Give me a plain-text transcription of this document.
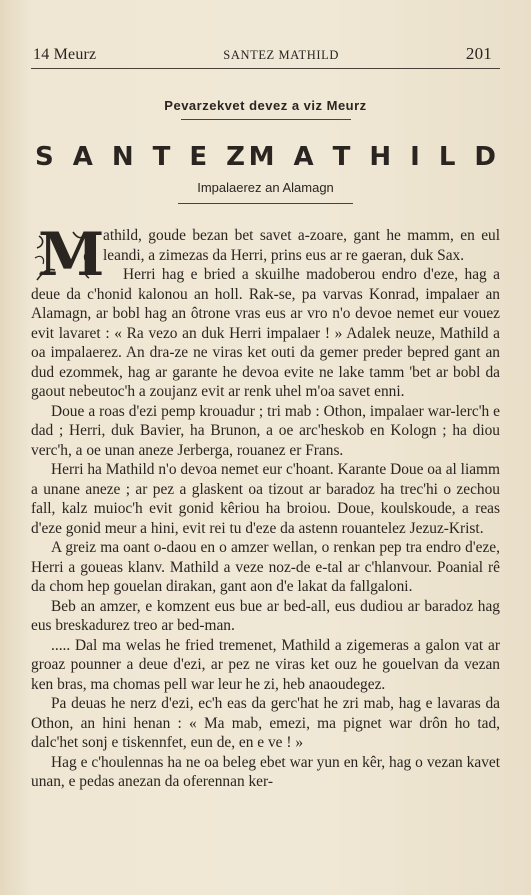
14 Meurz	SANTEZ MATHILD	201
Pevarzekvet devez a viz Meurz
S A N T E Z M A T H I L D
Impalaerez an Alamagn
M

athild, goude bezan bet savet a-zoare, gant he mamm, en eul leandi, a zimezas da Herri, prins eus ar re gaeran, duk Sax.

Herri hag e bried a skuilhe madoberou endro d'eze, hag a deue da c'honid kalonou an holl. Rak-se, pa varvas Konrad, impalaer an Alamagn, ar bobl hag an ôtrone vras eus ar vro n'o devoe nemet eur vouez evit lavaret : « Ra vezo an duk Herri impalaer ! » Adalek neuze, Mathild a oa impalaerez. An dra-ze ne viras ket outi da gemer preder bepred gant an dud ezommek, hag ar garante he devoa evite ne lake tamm 'bet ar bobl da gaout nebeutoc'h a zoujanz evit ar renk uhel m'oa savet enni.

Doue a roas d'ezi pemp krouadur ; tri mab : Othon, impalaer war-lerc'h e dad ; Herri, duk Bavier, ha Brunon, a oe arc'heskob en Kologn ; ha diou verc'h, a oe unan aneze Jerberga, rouanez er Frans.

Herri ha Mathild n'o devoa nemet eur c'hoant. Karante Doue oa al liamm a unane aneze ; ar pez a glaskent oa tizout ar baradoz ha trec'hi o zechou fall, kalz muioc'h evit gonid kêriou ha broiou. Doue, koulskoude, a reas d'eze gonid meur a hini, evit rei tu d'eze da astenn rouantelez Jezuz-Krist.

A greiz ma oant o-daou en o amzer wellan, o renkan pep tra endro d'eze, Herri a goueas klanv. Mathild a veze noz-de e-tal ar c'hlanvour. Poanial rê da chom hep gouelan dirakan, gant aon d'e lakat da fallgaloni.

Beb an amzer, e komzent eus bue ar bed-all, eus dudiou ar baradoz hag eus breskadurez treo ar bed-man.

..... Dal ma welas he fried tremenet, Mathild a zigemeras a galon vat ar groaz pounner a deue d'ezi, ar pez ne viras ket ouz he gouelvan da vezan ken bras, ma chomas pell war leur he zi, heb anaoudegez.

Pa deuas he nerz d'ezi, ec'h eas da gerc'hat he zri mab, hag e lavaras da Othon, an hini henan : « Ma mab, emezi, ma pignet war drôn ho tad, dalc'het sonj e tiskennfet, eun de, en e ve ! »

Hag e c'houlennas ha ne oa beleg ebet war yun en kêr, hag o vezan kavet unan, e pedas anezan da oferennan ker-
